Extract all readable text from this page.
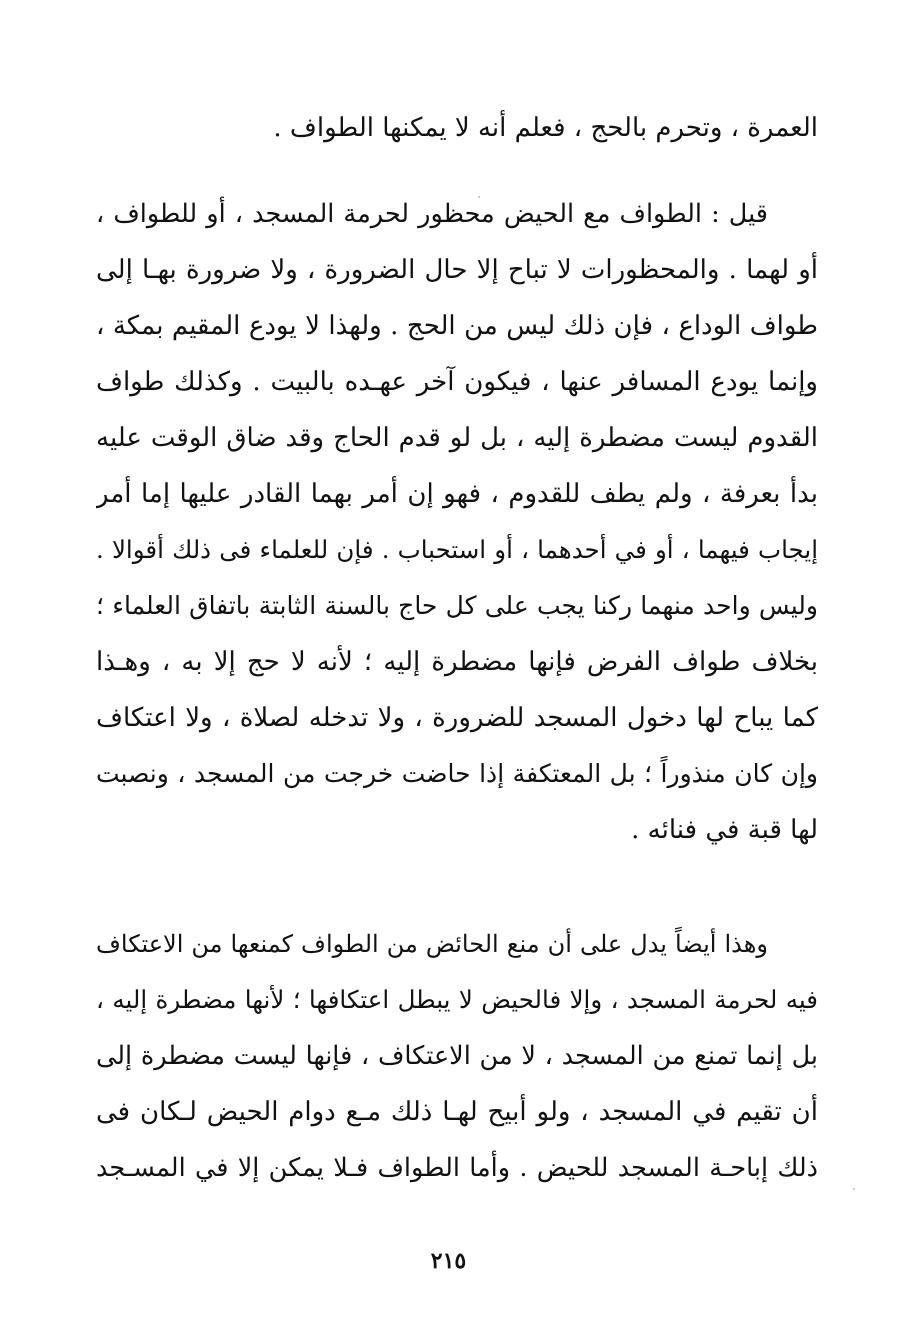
العمرة ، وتحرم بالحج ، فعلم أنه لا يمكنها الطواف .
قيل : الطواف مع الحيض محظور لحرمة المسجد ، أو للطواف ،
أو لهما . والمحظورات لا تباح إلا حال الضرورة ، ولا ضرورة بهـا إلى
طواف الوداع ، فإن ذلك ليس من الحج . ولهذا لا يودع المقيم بمكة ،
وإنما يودع المسافر عنها ، فيكون آخر عهـده بالبيت . وكذلك طواف
القدوم ليست مضطرة إليه ، بل لو قدم الحاج وقد ضاق الوقت عليه
بدأ بعرفة ، ولم يطف للقدوم ، فهو إن أمر بهما القادر عليها إما أمر
إيجاب فيهما ، أو في أحدهما ، أو استحباب . فإن للعلماء فى ذلك أقوالا .
وليس واحد منهما ركنا يجب على كل حاج بالسنة الثابتة باتفاق العلماء ؛
بخلاف طواف الفرض فإنها مضطرة إليه ؛ لأنه لا حج إلا به ، وهـذا
كما يباح لها دخول المسجد للضرورة ، ولا تدخله لصلاة ، ولا اعتكاف
وإن كان منذوراً ؛ بل المعتكفة إذا حاضت خرجت من المسجد ، ونصبت
لها قبة في فنائه .
وهذا أيضاً يدل على أن منع الحائض من الطواف كمنعها من الاعتكاف
فيه لحرمة المسجد ، وإلا فالحيض لا يبطل اعتكافها ؛ لأنها مضطرة إليه ،
بل إنما تمنع من المسجد ، لا من الاعتكاف ، فإنها ليست مضطرة إلى
أن تقيم في المسجد ، ولو أبيح لهـا ذلك مـع دوام الحيض لـكان فى
ذلك إباحـة المسجد للحيض . وأما الطواف فـلا يمكن إلا في المسـجد
٢١٥
